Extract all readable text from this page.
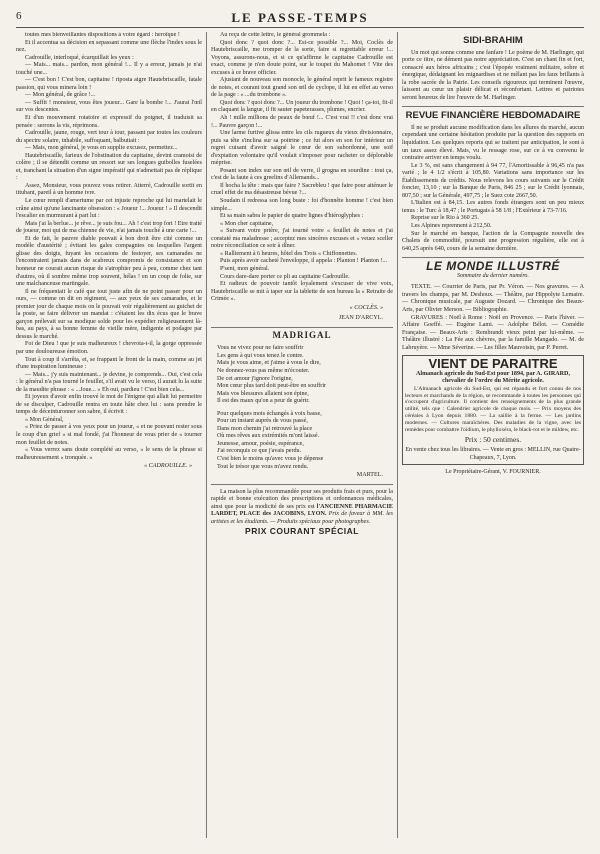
6	LE PASSE-TEMPS

toutes mes bienveillantes dispositions à votre égard : heroïque !

Et il accentua sa décision en sepassant comme une flèche l'index sous le nez.

Cadrouille, interloqué, écarquillait les yeux :

— Mais... mais... pardon, mon général !... Il y a erreur, jamais je n'ai touché une...

— C'est bon ! C'est bon, capitaine ! riposta aigre Hautebriscaille, fatale passion, qui vous minera loin !

— Mon général, de grâce !...

— Suffit ! monsieur, vous êtes joueur... Gare la bombe !... J'aurai l'œil sur vos descentes.

Et d'un mouvement rotatoire et expressif du poignet, il traduisit sa pensée : serrons la vis, réprimons.

Cadrouille, jaune, rouge, vert tour à tour, passant par toutes les couleurs du spectre solaire, inhabile, suffoquant, balbutiait :

— Mais, mon général, je vous en supplie excusez, permettez...

Hautebriscaille, farieux de l'obstination du capitaine, devint cramoisi de colère ; il se détendit comme un ressort sur ses longues guibolles fuselées et, tranchant la situation d'un signe impératif qui n'admettait pas de réplique :

Assez, Monsieur, vous pouvez vous retirer. Atterré, Cadrouille sortit en titubant, pareil à un homme ivre.

Le cœur rempli d'amertume par cet injuste reproche qui lui martelait le crâne ainsi qu'une lancinante obsession : « Joueur !... Joueur ! » Il descendit l'escalier en murmurant à part lui :

Mais j'ai la berlue... je rêve... je suis fou... Ah ! c'est trop fort ! Etre traité de joueur, moi qui de ma chienne de vie, n'ai jamais touché à une carte !...

Et de fait, le pauvre diable pouvait à bon droit être cité comme un modèle d'austérité ; évitant les gales compagnies ou lesquelles l'argent glisse des doigts, fuyant les occasions de festoyer, ses camarades ne l'encontraient jamais dans de scabreux compromis de consistance et son honneur ne courait aucun risque de s'atrophier peu à peu, comme chez tant d'autres, où il sombre même trop souvent, hélas ! en un coup de folie, sur une malchanceuse martingale.

Il ne fréquentait le café que tout juste afin de ne point passer pour un ours, — comme on dit en régiment, — aux yeux de ses camarades, et le premier jour de chaque mois on le pouvait voir régulièrement au guichet de la poste, se faire délivrer un mandat : c'étaient les dix écus que le brave garçon prélevait sur sa modique solde pour les expédier religieusement là-bas, au pays, à sa bonne femme de vieille mère, indigente et podagre par dessus le marché.

Foi de Dieu ! que je suis malheureux ! chevrota-t-il, la gorge oppressée par une douloureuse émotion.

Tout à coup il s'arrêta, et, se frappant le front de la main, comme au jet d'une inspiration lumineuse :

— Mais... j'y suis maintenant... je devine, je comprends... Oui, c'est cela : le général n'a pas tourné le feuillet, s'il avait vu le verso, il aurait lu la suite de la maudite phrase : « ...Joue... » Eh oui, pardieu ! C'est bien cela...

Et joyeux d'avoir enfin trouvé le mot de l'énigme qui allait lui permettre de se disculper, Cadrouille rentra en toute hâte chez lui : sans prendre le temps de déceinturonner son sabre, il écrivit :

« Mon Général,

« Priez de passer à vos yeux pour un joueur, « et ne pouvant rester sous le coup d'un grief « si mal fondé, j'ai l'honneur de vous prier de « tourner mon feuillet de notes.

« Vous verrez sans doute complété au verso, « le sens de la phrase si malheureusement « tronquée. »

« CADROUILLE. »

Au reçu de cette lettre, le général grommela :

Quoi donc ? quoi donc ?... Est-ce possible ?... Moi, Coclès de Hautebriscaille, me tromper de la sorte, faire si regrettable erreur !... Voyons, assurons-nous, et si ce qu'affirme le capitaine Cadrouille est exact, comme je n'en doute point, sur le toupet du Mahomet ! Vite des excuses à ce brave officier.

Ajustant de nouveau son monocle, le général reprit le fameux registre de notes, et courant tout grand son œil de cyclope, il lut en effet au verso de la page : « ...du trombone ».

Quoi donc ? quoi donc ?... Un joueur du trombone ! Quoi ! ça-toi, fit-il en claquant la langue, il fit sauter papeterasses, plumes, encrier.

Ah ! mille millions de peaux de bœuf !... C'est vrai !! c'est donc vrai !... Pauvre garçon !...

Une larme furtive glissa entre les cils rugueux du vieux divisionnaire, puis sa tête s'inclina sur sa poitrine ; ce fut alors en son for intérieur un regret cuisant d'avoir saigné le cœur de son subordonné, une soif d'expiation volontaire qu'il voulait s'imposer pour racheter ce déplorable méprise.

Posant son index sur son œil de verre, il grogna en sourdine : tout ça, c'est de la faute à ces greelins d'Allemands...

Il hocha la tête : mais que faire ? Sacrebleu ! que faire pour atténuer le cruel effet de ma désastreuse bévue ?...

Soudain il redressa son long buste : foi d'honnête homme ! c'est bien simple...

Et sa main sabra le papier de quatre lignes d'hiéroglyphes :

« Mon cher capitaine,

« Suivant votre prière, j'ai tourné votre « feuillet de notes et j'ai constaté ma maladresse ; acceptez mes sincères excuses et « veuez sceller notre réconciliation ce soir à dîner.

« Ralliement à 6 heures, hôtel des Trois « Chiffonnettes.

Puis après avoir cacheté l'enveloppe, il appela : Planton ! Planton !...

P'sent, mon général.

Cours dare-dare porter ce pli au capitaine Cadrouille.

Et radieux de pouvoir tantôt loyalement s'excuser de vive voix, Hautebriscaille se mit à taper sur la tablette de son bureau la « Retraite de Crimée ».

« COCLÈS. »
JEAN D'ARCYL.
MADRIGAL
Vous ne vivez pour ne faire souffrir
Les gens à qui vous tenez le contre.
Mais je vous aime, et j'aime à vous le dire,
Ne donnez-vous pas même m'écouter.
De cet amour j'ignore l'origine,
Mon cœur plus tard doit peut-être en souffrir
Mais vos blessures allaient son épine,
Il est des maux qu'on a peur de guérir.
Pour quelques mots échangés à voix basse,
Pour un instant auprès de vous passé,
Dans mon chemin j'ai retrouvé la place
Où mes rêves aux extrémités m'ont laissé.
Jeunesse, amour, poésie, espérance,
J'ai reconquis ce que j'avais perdu.
C'est bien le moins qu'avec vous je dépense
Tout le trésor que vous m'avez rendu.
MARTEL.

La maison la plus recommandée pour ses produits frais et purs, pour la rapide et bonne exécution des prescriptions et ordonnances médicales, ainsi que pour la modicité de ses prix est l'ANCIENNE PHARMACIE LARDET, PLACE des JACOBINS, LYON. Prix de faveur à MM. les artistes et les étudiants. — Produits spéciaux pour photographes.

PRIX COURANT SPÉCIAL
SIDI-BRAHIM

Un mot qui sonne comme une fanfare ! Le poème de M. Harlinger, qui porte ce titre, ne dément pas notre appréciation. C'est un chant fin et fort, consacré aux héros africains ; c'est l'épopée vraiment militaire, sobre et énergique, dédaignant les mignardises et ne mêlant pas les faux brillants à la robe sacrée de la Patrie. Les conseils rigoureux qui terminent l'œuvre, laissent au cœur un plaisir délicat et réconfortant. Lettres et patriotes seront heureux de lire l'œuvre de M. Harlinger.

REVUE FINANCIÈRE HEBDOMADAIRE

Il ne se produit aucune modification dans les allures du marché, aucun cependant une certaine hésitation produite par la question des rapports en liquidation. Les quelques reports qui se traitent par anticipation, le sont à un taux assez élevé. Mais, vu le ressage rose, sur ce à vu convenu le contraire arriver en temps voulu.

Le 3 %, est sans changement à 94 77, l'Amortissable à 96,45 n'a pas varié ; le 4 1/2 s'écrit à 105,80. Variations sans importance sur les Établissements de crédits. Nous relevons les cours suivants sur le Crédit foncier, 13,10 ; sur la Banque de Paris, 846 25 ; sur le Crédit lyonnais, 807,50 ; sur la Générale, 497,75 ; le Suez cote 2667,50.

L'Italien est à 84,15. Les autres fonds étrangers sont un peu mieux tenus : le Turc à 18,47 ; le Portugais à 58 1/8 ; l'Extérieur à 73-7/16.

Reprise sur le Rio à 360 25.

Les Alpines reprennent à 212,50.

Sur le marché en banque, l'action de la Compagnie nouvelle des Chalets de commodité, poursuit une progression régulière, elle est à 640,25 après 640, cours de la semaine dernière.

LE MONDE ILLUSTRÉ
Sommaire du dernier numéro.

TEXTE. — Courrier de Paris, par Pr. Véron. — Nos gravures. — A travers les champs, par M. Deshoux. — Théâtre, par Hippolyte Lemaire. — Chronique musicale, par Auguste Dozard. — Chronique des Beaux-Arts, par Olivier Merson. — Bibliographie.

GRAVURES : Noël à Rome : Noël en Provence. — Paris l'hiver. — Affaire Goeffé. — Eugène Lami. — Adolphe Bélot. — Comédie Française. — Beaux-Arts : Rembrandt vieux peint par lui-même. — Théâtre illustré : La Fée aux chèvres, par la famille Mangado. — M. de Labruyère. — Mme Séverine. — Les filles Mauvoisin, par P. Perret.

VIENT DE PARAITRE

Almanach agricole du Sud-Est pour 1894, par A. GIRARD, chevalier de l'ordre du Mérite agricole.

L'Almanach agricole du Sud-Est, qui est répandu et fort connu de nos lecteurs et marchands de la région, se recommande à toutes les personnes qui s'occupent d'agriculture. Il contient des renseignements de la plus grande utilité, tels que : Calendrier agricole de chaque mois. — Prix moyens des céréales à Lyon depuis 1880. — La saillie à la ferme. — Les jardins modernes. — Cultures maraîchères. Des maladies de la vigne, avec les remèdes pour combattre l'oïdium, le phylloxéra, le black-rot et le mildew, etc.

Prix : 50 centimes.
En vente chez tous les libraires. — Vente en gros : MELLIN, rue Quatre-Chapeaux, 7, Lyon.
Le Propriétaire-Gérant, V. FOURNIER.
